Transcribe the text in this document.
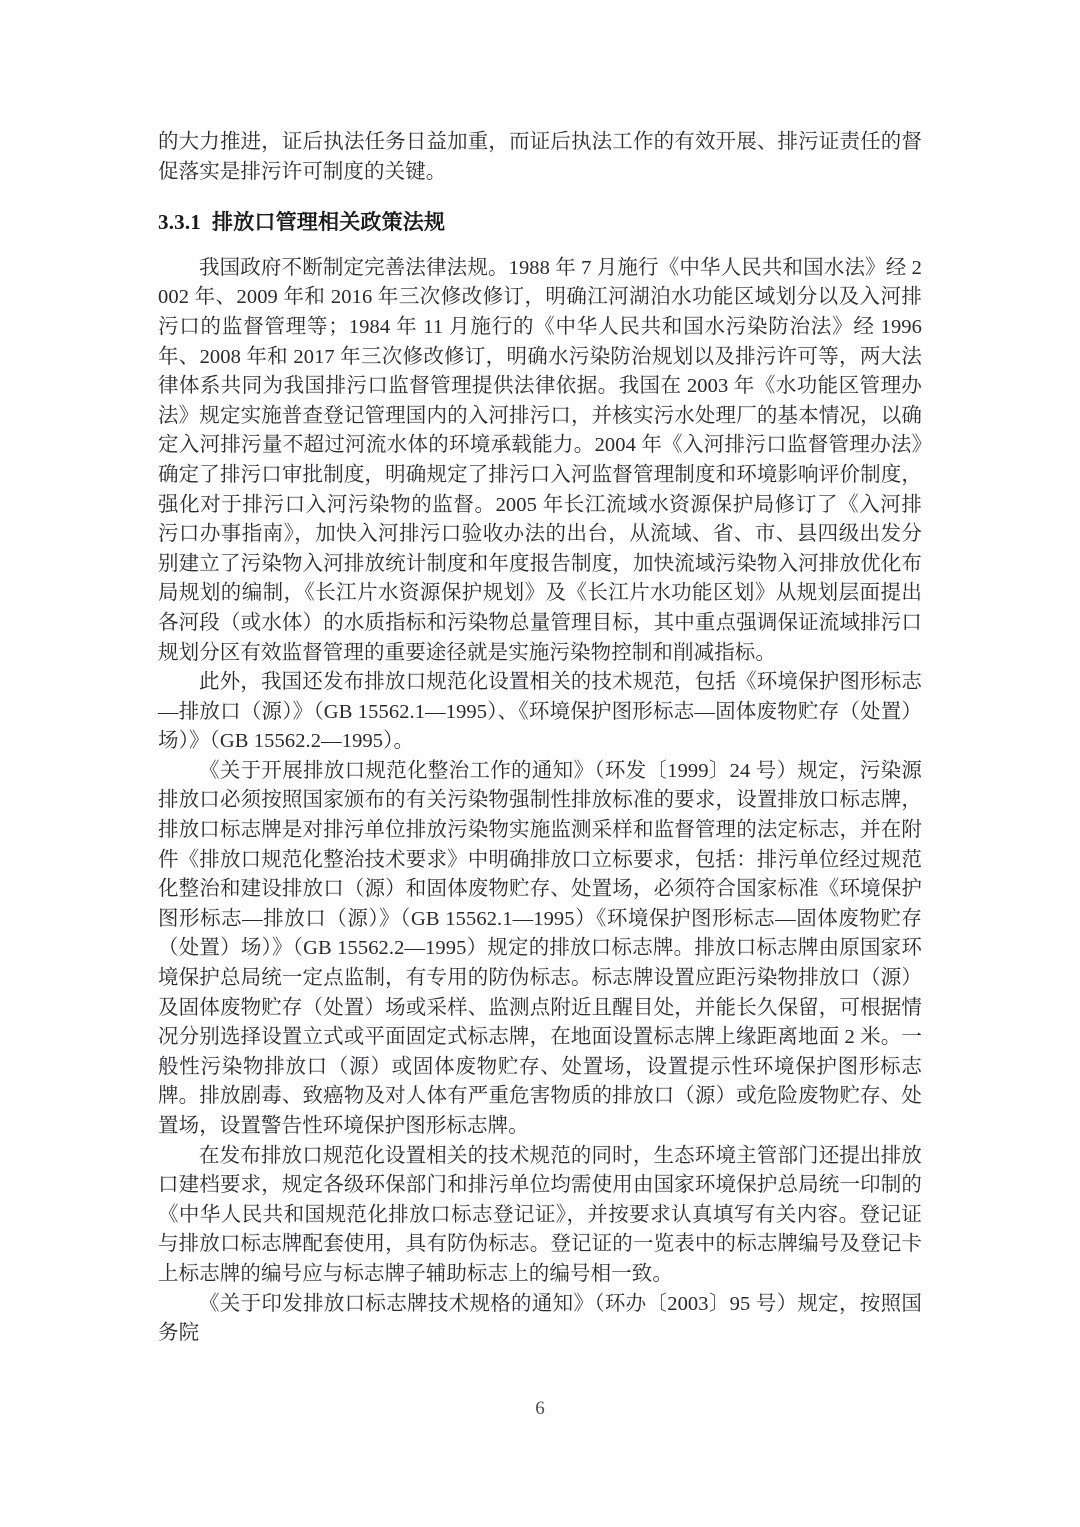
的大力推进，证后执法任务日益加重，而证后执法工作的有效开展、排污证责任的督促落实是排污许可制度的关键。

3.3.1 排放口管理相关政策法规

我国政府不断制定完善法律法规。1988 年 7 月施行《中华人民共和国水法》经 2002 年、2009 年和 2016 年三次修改修订，明确江河湖泊水功能区域划分以及入河排污口的监督管理等；1984 年 11 月施行的《中华人民共和国水污染防治法》经 1996 年、2008 年和 2017 年三次修改修订，明确水污染防治规划以及排污许可等，两大法律体系共同为我国排污口监督管理提供法律依据。我国在 2003 年《水功能区管理办法》规定实施普查登记管理国内的入河排污口，并核实污水处理厂的基本情况，以确定入河排污量不超过河流水体的环境承载能力。2004 年《入河排污口监督管理办法》确定了排污口审批制度，明确规定了排污口入河监督管理制度和环境影响评价制度，强化对于排污口入河污染物的监督。2005 年长江流域水资源保护局修订了《入河排污口办事指南》，加快入河排污口验收办法的出台，从流域、省、市、县四级出发分别建立了污染物入河排放统计制度和年度报告制度，加快流域污染物入河排放优化布局规划的编制，《长江片水资源保护规划》及《长江片水功能区划》从规划层面提出各河段（或水体）的水质指标和污染物总量管理目标，其中重点强调保证流域排污口规划分区有效监督管理的重要途径就是实施污染物控制和削减指标。

此外，我国还发布排放口规范化设置相关的技术规范，包括《环境保护图形标志—排放口（源）》（GB 15562.1—1995）、《环境保护图形标志—固体废物贮存（处置）场）》（GB 15562.2—1995）。

《关于开展排放口规范化整治工作的通知》（环发〔1999〕24 号）规定，污染源排放口必须按照国家颁布的有关污染物强制性排放标准的要求，设置排放口标志牌，排放口标志牌是对排污单位排放污染物实施监测采样和监督管理的法定标志，并在附件《排放口规范化整治技术要求》中明确排放口立标要求，包括：排污单位经过规范化整治和建设排放口（源）和固体废物贮存、处置场，必须符合国家标准《环境保护图形标志—排放口（源）》（GB 15562.1—1995）《环境保护图形标志—固体废物贮存（处置）场）》（GB 15562.2—1995）规定的排放口标志牌。排放口标志牌由原国家环境保护总局统一定点监制，有专用的防伪标志。标志牌设置应距污染物排放口（源）及固体废物贮存（处置）场或采样、监测点附近且醒目处，并能长久保留，可根据情况分别选择设置立式或平面固定式标志牌，在地面设置标志牌上缘距离地面 2 米。一般性污染物排放口（源）或固体废物贮存、处置场，设置提示性环境保护图形标志牌。排放剧毒、致癌物及对人体有严重危害物质的排放口（源）或危险废物贮存、处置场，设置警告性环境保护图形标志牌。

在发布排放口规范化设置相关的技术规范的同时，生态环境主管部门还提出排放口建档要求，规定各级环保部门和排污单位均需使用由国家环境保护总局统一印制的《中华人民共和国规范化排放口标志登记证》，并按要求认真填写有关内容。登记证与排放口标志牌配套使用，具有防伪标志。登记证的一览表中的标志牌编号及登记卡上标志牌的编号应与标志牌子辅助标志上的编号相一致。

《关于印发排放口标志牌技术规格的通知》（环办〔2003〕95 号）规定，按照国务院

6
